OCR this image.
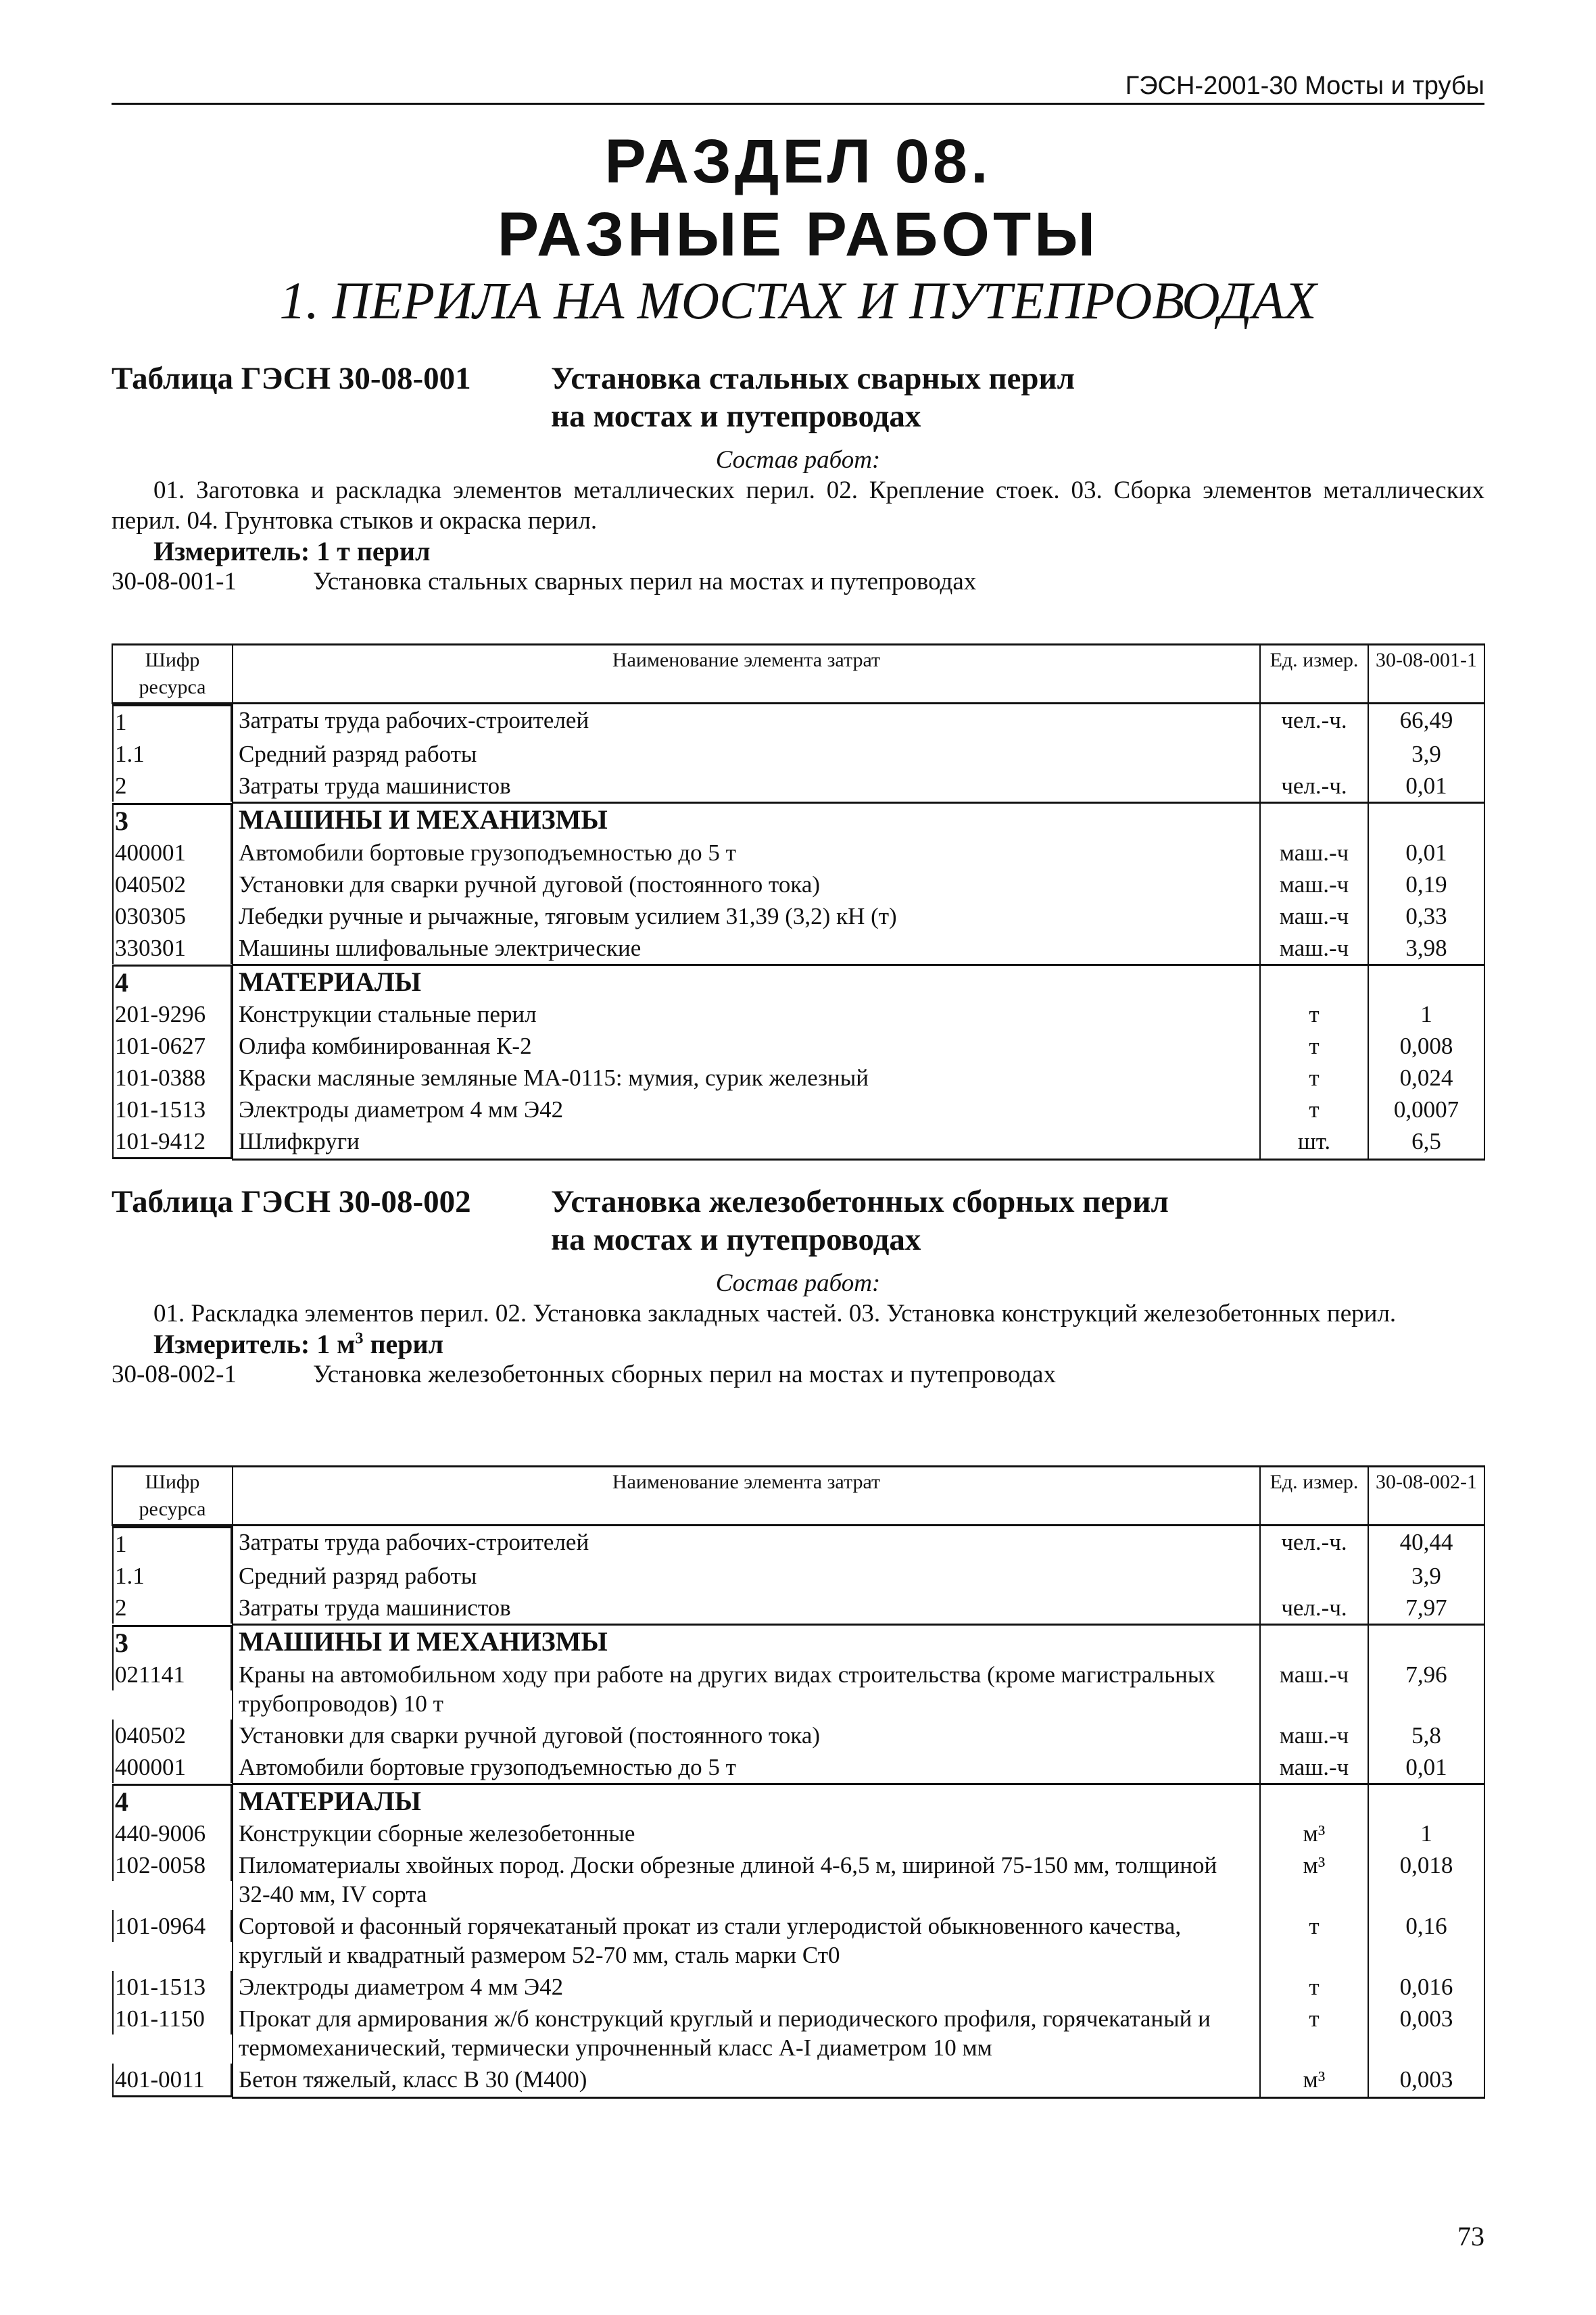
ГЭСН-2001-30 Мосты и трубы
РАЗДЕЛ 08.
РАЗНЫЕ РАБОТЫ
1. ПЕРИЛА НА МОСТАХ И ПУТЕПРОВОДАХ
Таблица ГЭСН 30-08-001	Установка стальных сварных перил
на мостах и путепроводах
Состав работ:
01. Заготовка и раскладка элементов металлических перил. 02. Крепление стоек. 03. Сборка элементов металлических перил. 04. Грунтовка стыков и окраска перил.
Измеритель: 1 т перил
30-08-001-1	Установка стальных сварных перил на мостах и путепроводах
Шифр ресурса	Наименование элемента затрат	Ед. измер.	30-08-001-1

1	Затраты труда рабочих-строителей	чел.-ч.	66,49

1.1	Средний разряд работы		3,9

2	Затраты труда машинистов	чел.-ч.	0,01

3	МАШИНЫ И МЕХАНИЗМЫ		

400001	Автомобили бортовые грузоподъемностью до 5 т	маш.-ч	0,01

040502	Установки для сварки ручной дуговой (постоянного тока)	маш.-ч	0,19

030305	Лебедки ручные и рычажные, тяговым усилием 31,39 (3,2) кН (т)	маш.-ч	0,33

330301	Машины шлифовальные электрические	маш.-ч	3,98

4	МАТЕРИАЛЫ		

201-9296	Конструкции стальные перил	т	1

101-0627	Олифа комбинированная К-2	т	0,008

101-0388	Краски масляные земляные МА-0115: мумия, сурик железный	т	0,024

101-1513	Электроды диаметром 4 мм Э42	т	0,0007

101-9412	Шлифкруги	шт.	6,5
Таблица ГЭСН 30-08-002	Установка железобетонных сборных перил
на мостах и путепроводах
Состав работ:
01. Раскладка элементов перил. 02. Установка закладных частей. 03. Установка конструкций железобетонных перил.
Измеритель: 1 $м^3$ перил
30-08-002-1	Установка железобетонных сборных перил на мостах и путепроводах
Шифр ресурса	Наименование элемента затрат	Ед. измер.	30-08-002-1

1	Затраты труда рабочих-строителей	чел.-ч.	40,44

1.1	Средний разряд работы		3,9

2	Затраты труда машинистов	чел.-ч.	7,97

3	МАШИНЫ И МЕХАНИЗМЫ		

021141	Краны на автомобильном ходу при работе на других видах строительства (кроме магистральных трубопроводов) 10 т	маш.-ч	7,96

040502	Установки для сварки ручной дуговой (постоянного тока)	маш.-ч	5,8

400001	Автомобили бортовые грузоподъемностью до 5 т	маш.-ч	0,01

4	МАТЕРИАЛЫ		

440-9006	Конструкции сборные железобетонные	м³	1

102-0058	Пиломатериалы хвойных пород. Доски обрезные длиной 4-6,5 м, шириной 75-150 мм, толщиной 32-40 мм, IV сорта	м³	0,018

101-0964	Сортовой и фасонный горячекатаный прокат из стали углеродистой обыкновенного качества, круглый и квадратный размером 52-70 мм, сталь марки Ст0	т	0,16

101-1513	Электроды диаметром 4 мм Э42	т	0,016

101-1150	Прокат для армирования ж/б конструкций круглый и периодического профиля, горячекатаный и термомеханический, термически упрочненный класс А-I диаметром 10 мм	т	0,003

401-0011	Бетон тяжелый, класс В 30 (М400)	м³	0,003
73
